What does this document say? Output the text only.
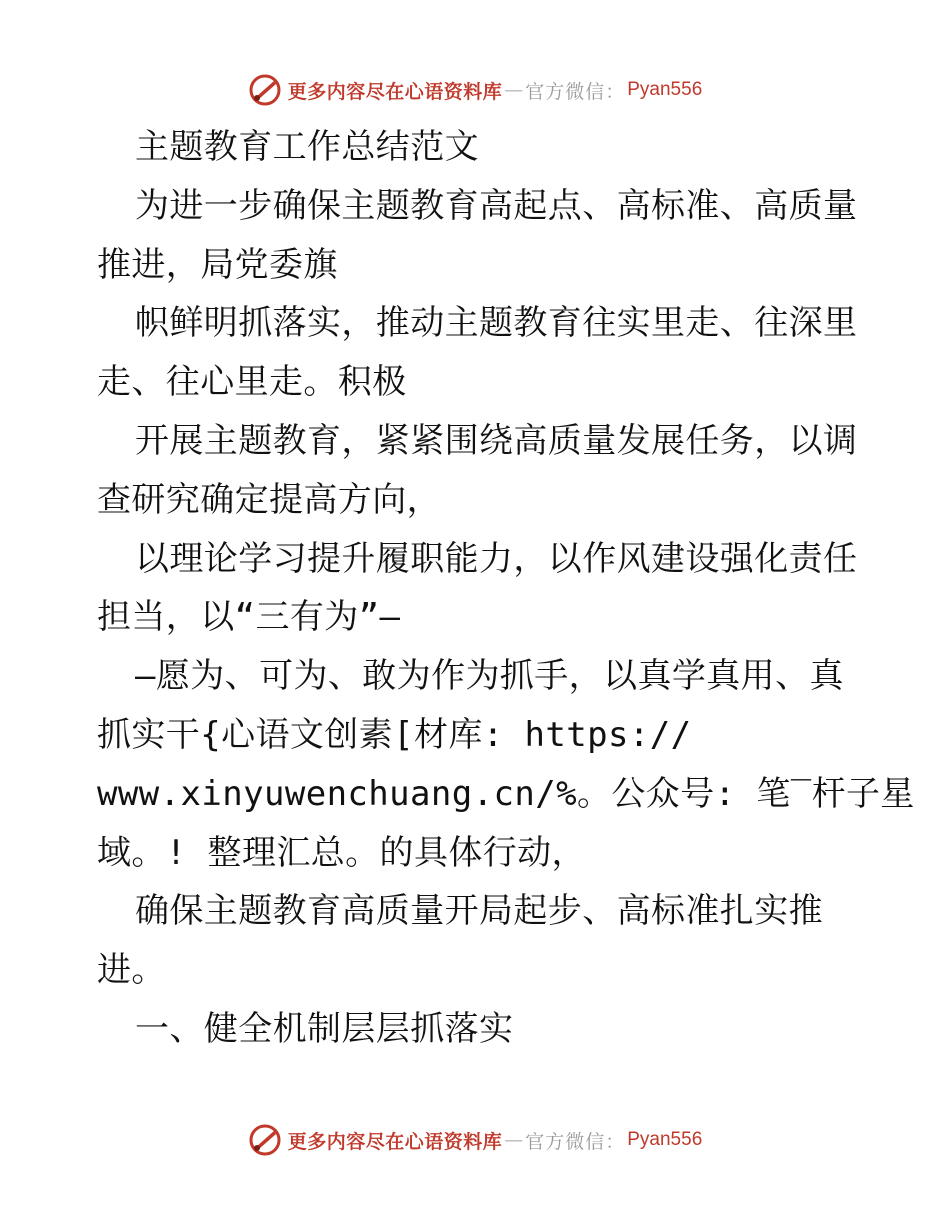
更多内容尽在心语资料库 — 官方微信： Pyan556
主题教育工作总结范文
为进一步确保主题教育高起点、高标准、高质量
推进，局党委旗
帜鲜明抓落实，推动主题教育往实里走、往深里
走、往心里走。积极
开展主题教育，紧紧围绕高质量发展任务，以调
查研究确定提高方向，
以理论学习提升履职能力，以作风建设强化责任
担当，以“三有为”—
—愿为、可为、敢为作为抓手，以真学真用、真
抓实干{心语文创素[材库: https://
www.xinyuwenchuang.cn/%。公众号: 笔‾杆子星
域。! 整理汇总。的具体行动，
确保主题教育高质量开局起步、高标准扎实推
进。
一、健全机制层层抓落实
更多内容尽在心语资料库 — 官方微信： Pyan556
